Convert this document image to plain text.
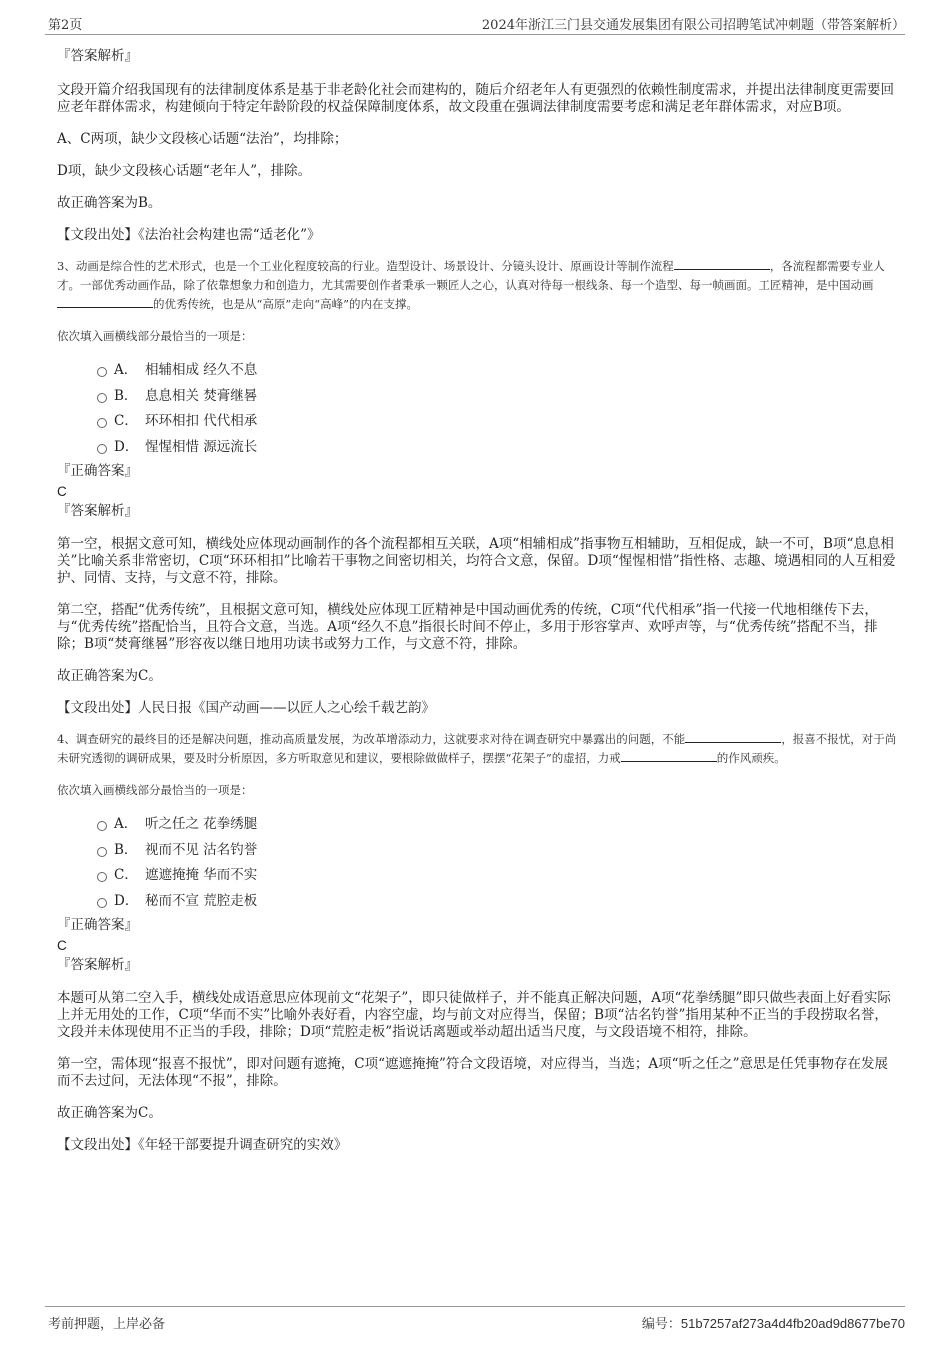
第2页	2024年浙江三门县交通发展集团有限公司招聘笔试冲刺题（带答案解析）

『答案解析』

文段开篇介绍我国现有的法律制度体系是基于非老龄化社会而建构的，随后介绍老年人有更强烈的依赖性制度需求，并提出法律制度更需要回应老年群体需求，构建倾向于特定年龄阶段的权益保障制度体系，故文段重在强调法律制度需要考虑和满足老年群体需求，对应B项。

A、C两项，缺少文段核心话题“法治”，均排除；

D项，缺少文段核心话题“老年人”，排除。

故正确答案为B。

【文段出处】《法治社会构建也需“适老化”》

3、动画是综合性的艺术形式，也是一个工业化程度较高的行业。造型设计、场景设计、分镜头设计、原画设计等制作流程	，各流程都需要专业人才。一部优秀动画作品，除了依靠想象力和创造力，尤其需要创作者秉承一颗匠人之心，认真对待每一根线条、每一个造型、每一帧画面。工匠精神，是中国动画的优秀传统，也是从“高原”走向“高峰”的内在支撑。

依次填入画横线部分最恰当的一项是：

A． 相辅相成 经久不息
B． 息息相关 焚膏继晷
C． 环环相扣 代代相承
D． 惺惺相惜 源远流长

『正确答案』

C

『答案解析』

第一空，根据文意可知，横线处应体现动画制作的各个流程都相互关联，A项“相辅相成”指事物互相辅助，互相促成，缺一不可，B项“息息相关”比喻关系非常密切，C项“环环相扣”比喻若干事物之间密切相关，均符合文意，保留。D项“惺惺相惜”指性格、志趣、境遇相同的人互相爱护、同情、支持，与文意不符，排除。

第二空，搭配“优秀传统”，且根据文意可知，横线处应体现工匠精神是中国动画优秀的传统，C项“代代相承”指一代接一代地相继传下去，与“优秀传统”搭配恰当，且符合文意，当选。A项“经久不息”指很长时间不停止，多用于形容掌声、欢呼声等，与“优秀传统”搭配不当，排除；B项“焚膏继晷”形容夜以继日地用功读书或努力工作，与文意不符，排除。

故正确答案为C。

【文段出处】人民日报《国产动画——以匠人之心绘千载艺韵》

4、调查研究的最终目的还是解决问题，推动高质量发展，为改革增添动力，这就要求对待在调查研究中暴露出的问题，不能	，报喜不报忧，对于尚未研究透彻的调研成果，要及时分析原因，多方听取意见和建议，要根除做做样子，摆摆“花架子”的虚招，力戒	的作风顽疾。

依次填入画横线部分最恰当的一项是：

A． 听之任之 花拳绣腿
B． 视而不见 沽名钓誉
C． 遮遮掩掩 华而不实
D． 秘而不宣 荒腔走板

『正确答案』

C

『答案解析』

本题可从第二空入手，横线处成语意思应体现前文“花架子”，即只徒做样子，并不能真正解决问题，A项“花拳绣腿”即只做些表面上好看实际上并无用处的工作，C项“华而不实”比喻外表好看，内容空虚，均与前文对应得当，保留；B项“沽名钓誉”指用某种不正当的手段捞取名誉，文段并未体现使用不正当的手段，排除；D项“荒腔走板”指说话离题或举动超出适当尺度，与文段语境不相符，排除。

第一空，需体现“报喜不报忧”，即对问题有遮掩，C项“遮遮掩掩”符合文段语境，对应得当，当选；A项“听之任之”意思是任凭事物存在发展而不去过问，无法体现“不报”，排除。

故正确答案为C。

【文段出处】《年轻干部要提升调查研究的实效》

考前押题，上岸必备	编号：51b7257af273a4d4fb20ad9d8677be70
